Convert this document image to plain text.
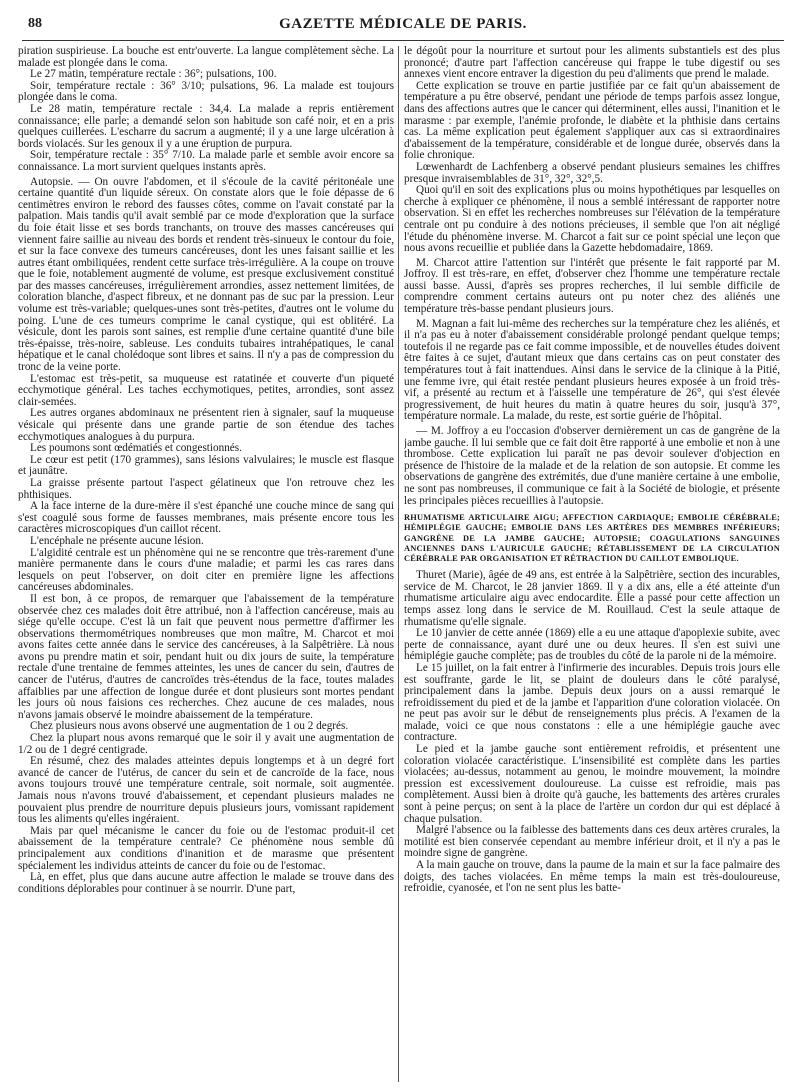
88	GAZETTE MÉDICALE DE PARIS.

piration suspirieuse. La bouche est entr'ouverte. La langue complètement sèche. La malade est plongée dans le coma.

Le 27 matin, température rectale : 36°; pulsations, 100.

Soir, température rectale : 36° 3/10; pulsations, 96. La malade est toujours plongée dans le coma.

Le 28 matin, température rectale : 34,4. La malade a repris entièrement connaissance; elle parle; a demandé selon son habitude son café noir, et en a pris quelques cuillerées. L'escharre du sacrum a augmenté; il y a une large ulcération à bords violacés. Sur les genoux il y a une éruption de purpura.

Soir, température rectale : 35° 7/10. La malade parle et semble avoir encore sa connaissance. La mort survient quelques instants après.

Autopsie. — On ouvre l'abdomen, et il s'écoule de la cavité péritonéale une certaine quantité d'un liquide séreux. On constate alors que le foie dépasse de 6 centimètres environ le rebord des fausses côtes, comme on l'avait constaté par la palpation. Mais tandis qu'il avait semblé par ce mode d'exploration que la surface du foie était lisse et ses bords tranchants, on trouve des masses cancéreuses qui viennent faire saillie au niveau des bords et rendent très-sinueux le contour du foie, et sur la face convexe des tumeurs cancéreuses, dont les unes faisant saillie et les autres étant ombiliquées, rendent cette surface très-irrégulière. A la coupe on trouve que le foie, notablement augmenté de volume, est presque exclusivement constitué par des masses cancéreuses, irrégulièrement arrondies, assez nettement limitées, de coloration blanche, d'aspect fibreux, et ne donnant pas de suc par la pression. Leur volume est très-variable; quelques-unes sont très-petites, d'autres ont le volume du poing. L'une de ces tumeurs comprime le canal cystique, qui est oblitéré. La vésicule, dont les parois sont saines, est remplie d'une certaine quantité d'une bile très-épaisse, très-noire, sableuse. Les conduits tubaires intrahépatiques, le canal hépatique et le canal cholédoque sont libres et sains. Il n'y a pas de compression du tronc de la veine porte.

L'estomac est très-petit, sa muqueuse est ratatinée et couverte d'un piqueté ecchymotique général. Les taches ecchymotiques, petites, arrondies, sont assez clair-semées.

Les autres organes abdominaux ne présentent rien à signaler, sauf la muqueuse vésicale qui présente dans une grande partie de son étendue des taches ecchymotiques analogues à du purpura.

Les poumons sont œdématiés et congestionnés.

Le cœur est petit (170 grammes), sans lésions valvulaires; le muscle est flasque et jaunâtre.

La graisse présente partout l'aspect gélatineux que l'on retrouve chez les phthisiques.

A la face interne de la dure-mère il s'est épanché une couche mince de sang qui s'est coagulé sous forme de fausses membranes, mais présente encore tous les caractères microscopiques d'un caillot récent.

L'encéphale ne présente aucune lésion.

L'algidité centrale est un phénomène qui ne se rencontre que très-rarement d'une manière permanente dans le cours d'une maladie; et parmi les cas rares dans lesquels on peut l'observer, on doit citer en première ligne les affections cancéreuses abdominales.

Il est bon, à ce propos, de remarquer que l'abaissement de la température observée chez ces malades doit être attribué, non à l'affection cancéreuse, mais au siége qu'elle occupe. C'est là un fait que peuvent nous permettre d'affirmer les observations thermométriques nombreuses que mon maître, M. Charcot et moi avons faites cette année dans le service des cancéreuses, à la Salpêtrière. Là nous avons pu prendre matin et soir, pendant huit ou dix jours de suite, la température rectale d'une trentaine de femmes atteintes, les unes de cancer du sein, d'autres de cancer de l'utérus, d'autres de cancroïdes très-étendus de la face, toutes malades affaiblies par une affection de longue durée et dont plusieurs sont mortes pendant les jours où nous faisions ces recherches. Chez aucune de ces malades, nous n'avons jamais observé le moindre abaissement de la température.

Chez plusieurs nous avons observé une augmentation de 1 ou 2 degrés.

Chez la plupart nous avons remarqué que le soir il y avait une augmentation de 1/2 ou de 1 degré centigrade.

En résumé, chez des malades atteintes depuis longtemps et à un degré fort avancé de cancer de l'utérus, de cancer du sein et de cancroïde de la face, nous avons toujours trouvé une température centrale, soit normale, soit augmentée. Jamais nous n'avons trouvé d'abaissement, et cependant plusieurs malades ne pouvaient plus prendre de nourriture depuis plusieurs jours, vomissant rapidement tous les aliments qu'elles ingéraient.

Mais par quel mécanisme le cancer du foie ou de l'estomac produit-il cet abaissement de la température centrale? Ce phénomène nous semble dû principalement aux conditions d'inanition et de marasme que présentent spécialement les individus atteints de cancer du foie ou de l'estomac.

Là, en effet, plus que dans aucune autre affection le malade se trouve dans des conditions déplorables pour continuer à se nourrir. D'une part,

le dégoût pour la nourriture et surtout pour les aliments substantiels est des plus prononcé; d'autre part l'affection cancéreuse qui frappe le tube digestif ou ses annexes vient encore entraver la digestion du peu d'aliments que prend le malade.

Cette explication se trouve en partie justifiée par ce fait qu'un abaissement de température a pu être observé, pendant une période de temps parfois assez longue, dans des affections autres que le cancer qui déterminent, elles aussi, l'inanition et le marasme : par exemple, l'anémie profonde, le diabète et la phthisie dans certains cas. La même explication peut également s'appliquer aux cas si extraordinaires d'abaissement de la température, considérable et de longue durée, observés dans la folie chronique.

Lœwenhardt de Lachfenberg a observé pendant plusieurs semaines les chiffres presque invraisemblables de 31°, 32°, 32°,5.

Quoi qu'il en soit des explications plus ou moins hypothétiques par lesquelles on cherche à expliquer ce phénomène, il nous a semblé intéressant de rapporter notre observation. Si en effet les recherches nombreuses sur l'élévation de la température centrale ont pu conduire à des notions précieuses, il semble que l'on ait négligé l'étude du phénomène inverse. M. Charcot a fait sur ce point spécial une leçon que nous avons recueillie et publiée dans la Gazette hebdomadaire, 1869.

M. Charcot attire l'attention sur l'intérêt que présente le fait rapporté par M. Joffroy. Il est très-rare, en effet, d'observer chez l'homme une température rectale aussi basse. Aussi, d'après ses propres recherches, il lui semble difficile de comprendre comment certains auteurs ont pu noter chez des aliénés une température très-basse pendant plusieurs jours.

M. Magnan a fait lui-même des recherches sur la température chez les aliénés, et il n'a pas eu à noter d'abaissement considérable prolongé pendant quelque temps; toutefois il ne regarde pas ce fait comme impossible, et de nouvelles études doivent être faites à ce sujet, d'autant mieux que dans certains cas on peut constater des températures tout à fait inattendues. Ainsi dans le service de la clinique à la Pitié, une femme ivre, qui était restée pendant plusieurs heures exposée à un froid très-vif, a présenté au rectum et à l'aisselle une température de 26°, qui s'est élevée progressivement, de huit heures du matin à quatre heures du soir, jusqu'à 37°, température normale. La malade, du reste, est sortie guérie de l'hôpital.

— M. Joffroy a eu l'occasion d'observer dernièrement un cas de gangrène de la jambe gauche. Il lui semble que ce fait doit être rapporté à une embolie et non à une thrombose. Cette explication lui paraît ne pas devoir soulever d'objection en présence de l'histoire de la malade et de la relation de son autopsie. Et comme les observations de gangrène des extrémités, due d'une manière certaine à une embolie, ne sont pas nombreuses, il communique ce fait à la Société de biologie, et présente les principales pièces recueillies à l'autopsie.

RHUMATISME ARTICULAIRE AIGU; AFFECTION CARDIAQUE; EMBOLIE CÉRÉBRALE; HÉMIPLÉGIE GAUCHE; EMBOLIE DANS LES ARTÈRES DES MEMBRES INFÉRIEURS; GANGRÈNE DE LA JAMBE GAUCHE; AUTOPSIE; COAGULATIONS SANGUINES ANCIENNES DANS L'AURICULE GAUCHE; RÉTABLISSEMENT DE LA CIRCULATION CÉRÉBRALE PAR ORGANISATION ET RÉTRACTION DU CAILLOT EMBOLIQUE.

Thuret (Marie), âgée de 49 ans, est entrée à la Salpêtrière, section des incurables, service de M. Charcot, le 28 janvier 1869. Il y a dix ans, elle a été atteinte d'un rhumatisme articulaire aigu avec endocardite. Elle a passé pour cette affection un temps assez long dans le service de M. Rouillaud. C'est la seule attaque de rhumatisme qu'elle signale.

Le 10 janvier de cette année (1869) elle a eu une attaque d'apoplexie subite, avec perte de connaissance, ayant duré une ou deux heures. Il s'en est suivi une hémiplégie gauche complète; pas de troubles du côté de la parole ni de la mémoire.

Le 15 juillet, on la fait entrer à l'infirmerie des incurables. Depuis trois jours elle est souffrante, garde le lit, se plaint de douleurs dans le côté paralysé, principalement dans la jambe. Depuis deux jours on a aussi remarqué le refroidissement du pied et de la jambe et l'apparition d'une coloration violacée. On ne peut pas avoir sur le début de renseignements plus précis. A l'examen de la malade, voici ce que nous constatons : elle a une hémiplégie gauche avec contracture.

Le pied et la jambe gauche sont entièrement refroidis, et présentent une coloration violacée caractéristique. L'insensibilité est complète dans les parties violacées; au-dessus, notamment au genou, le moindre mouvement, la moindre pression est excessivement douloureuse. La cuisse est refroidie, mais pas complètement. Aussi bien à droite qu'à gauche, les battements des artères crurales sont à peine perçus; on sent à la place de l'artère un cordon dur qui est déplacé à chaque pulsation.

Malgré l'absence ou la faiblesse des battements dans ces deux artères crurales, la motilité est bien conservée cependant au membre inférieur droit, et il n'y a pas le moindre signe de gangrène.

A la main gauche on trouve, dans la paume de la main et sur la face palmaire des doigts, des taches violacées. En même temps la main est très-douloureuse, refroidie, cyanosée, et l'on ne sent plus les batte-
